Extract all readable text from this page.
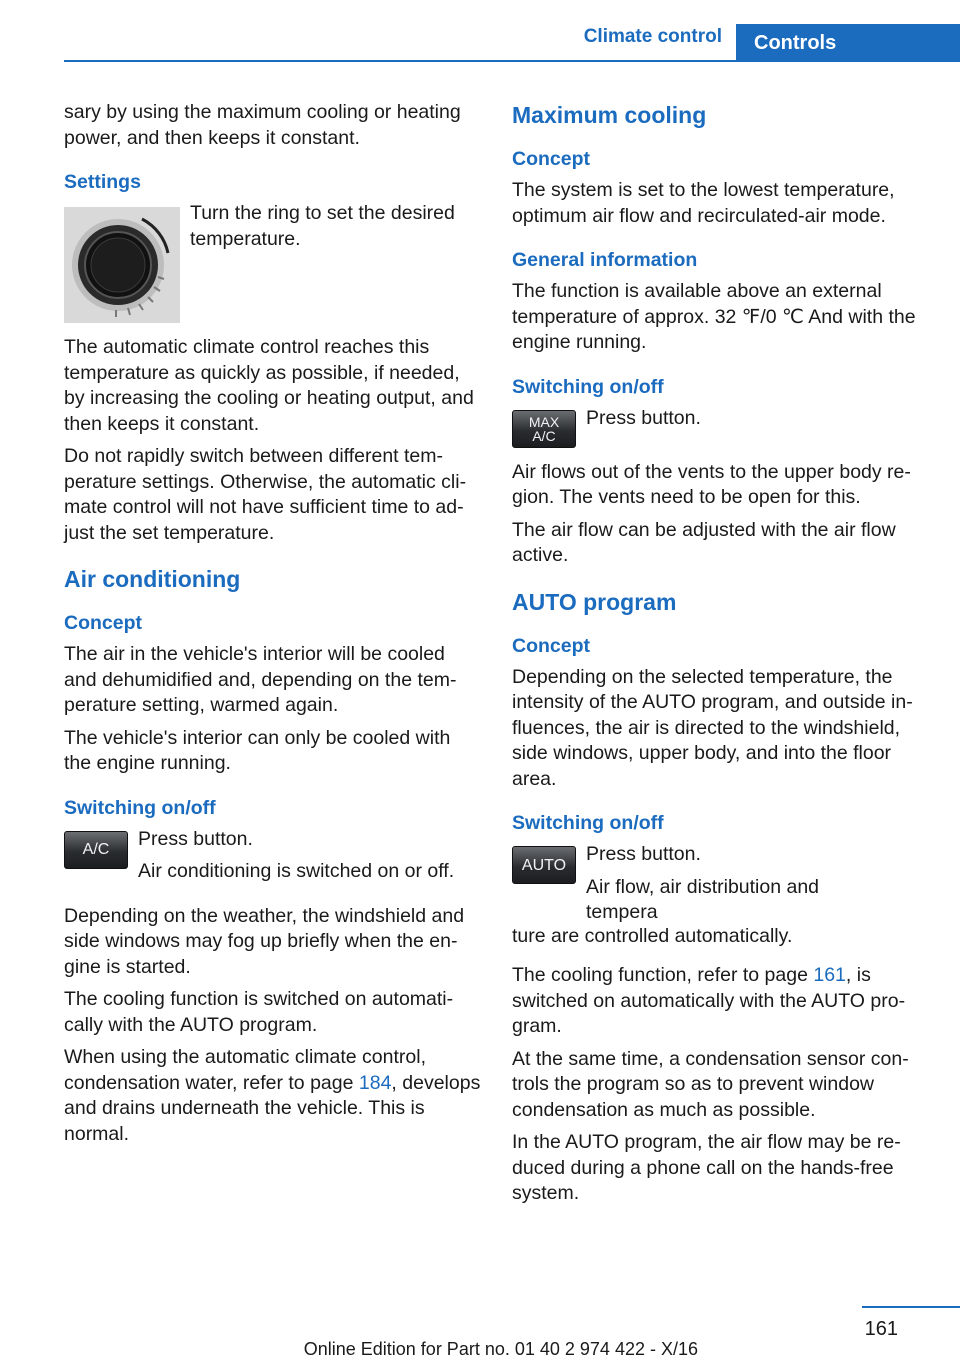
Climate control	Controls

sary by using the maximum cooling or heating power, and then keeps it constant.

Settings

Turn the ring to set the desired temperature.

The automatic climate control reaches this temperature as quickly as possible, if needed, by increasing the cooling or heating output, and then keeps it constant.

Do not rapidly switch between different temperature settings. Otherwise, the automatic climate control will not have sufficient time to adjust the set temperature.

Air conditioning
Concept

The air in the vehicle's interior will be cooled and dehumidified and, depending on the temperature setting, warmed again.

The vehicle's interior can only be cooled with the engine running.

Switching on/off
A/C Press button.

Air conditioning is switched on or off.

Depending on the weather, the windshield and side windows may fog up briefly when the engine is started.

The cooling function is switched on automatically with the AUTO program.

When using the automatic climate control, condensation water, refer to page 184, develops and drains underneath the vehicle. This is normal.

Maximum cooling
Concept

The system is set to the lowest temperature, optimum air flow and recirculated-air mode.

General information

The function is available above an external temperature of approx. 32 ℉/0 ℃ And with the engine running.

Switching on/off
MAX
A/C

Press button.

Air flows out of the vents to the upper body region. The vents need to be open for this.

The air flow can be adjusted with the air flow active.

AUTO program
Concept

Depending on the selected temperature, the intensity of the AUTO program, and outside influences, the air is directed to the windshield, side windows, upper body, and into the floor area.

Switching on/off
AUTO Press button.

Air flow, air distribution and tempera

ture are controlled automatically.

The cooling function, refer to page 161, is switched on automatically with the AUTO program.

At the same time, a condensation sensor controls the program so as to prevent window condensation as much as possible.

In the AUTO program, the air flow may be reduced during a phone call on the hands-free system.

161
Online Edition for Part no. 01 40 2 974 422 - X/16
